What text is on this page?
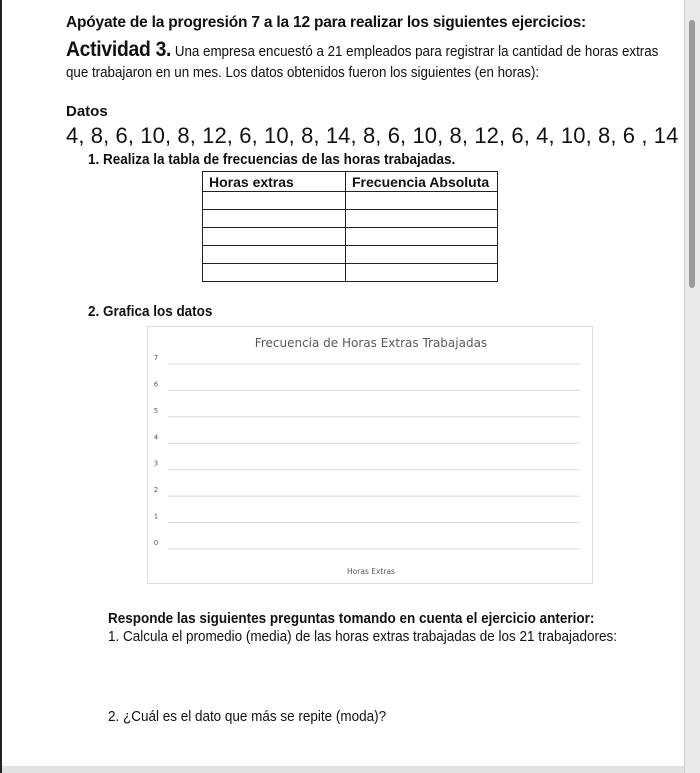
Apóyate de la progresión 7 a la 12 para realizar los siguientes ejercicios:
Actividad 3. Una empresa encuestó a 21 empleados para registrar la cantidad de horas extras
que trabajaron en un mes. Los datos obtenidos fueron los siguientes (en horas):
Datos
4, 8, 6, 10, 8, 12, 6, 10, 8, 14, 8, 6, 10, 8, 12, 6, 4, 10, 8, 6 , 14
1. Realiza la tabla de frecuencias de las horas trabajadas.
Horas extras	Frecuencia Absoluta

2. Grafica los datos
Frecuencia de Horas Extras Trabajadas
0
1
2
3
4
5
6
7
Horas Extras
Responde las siguientes preguntas tomando en cuenta el ejercicio anterior:
1. Calcula el promedio (media) de las horas extras trabajadas de los 21 trabajadores:
2. ¿Cuál es el dato que más se repite (moda)?
